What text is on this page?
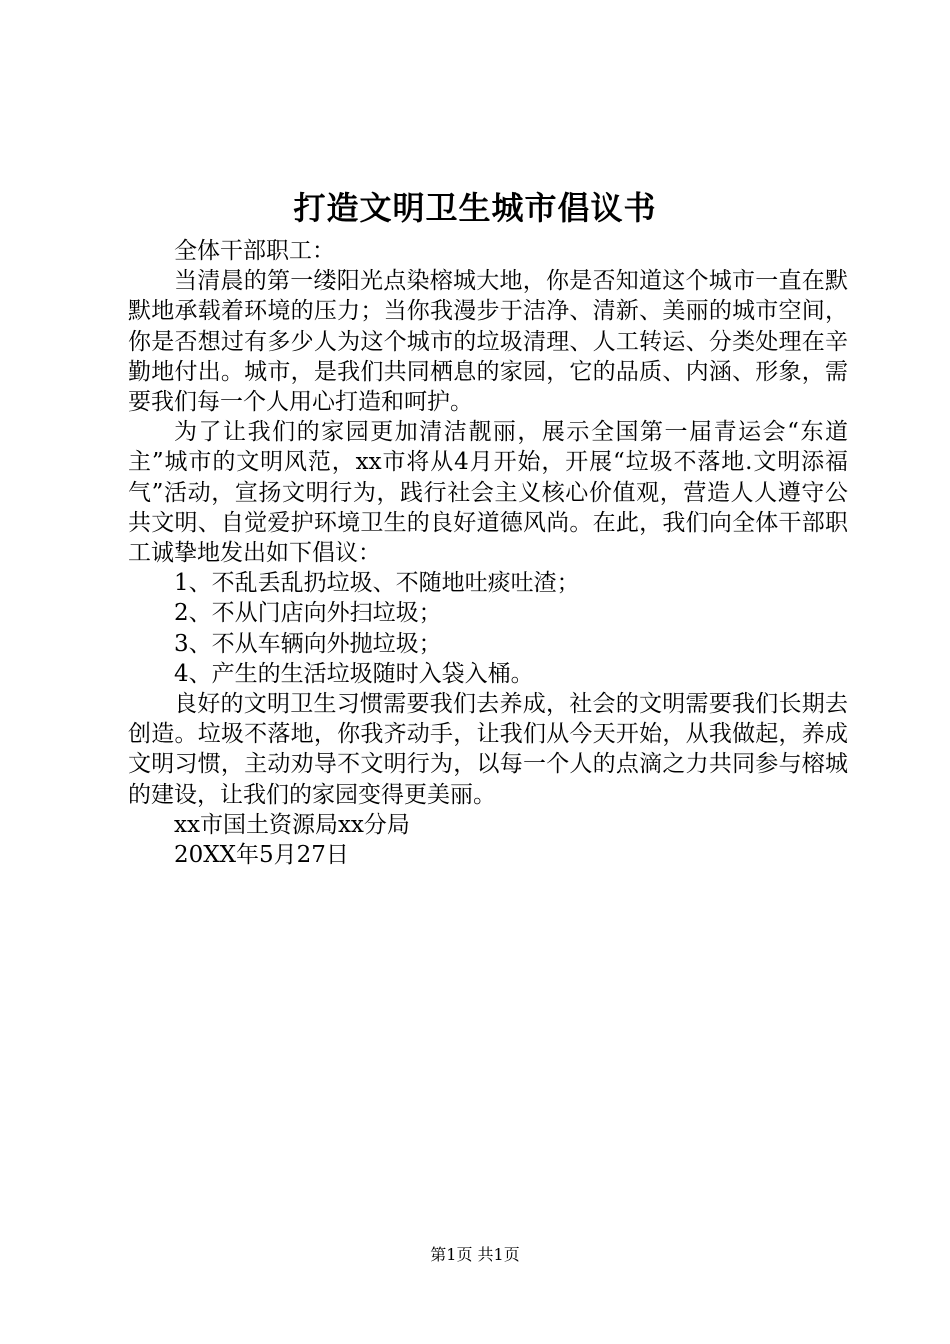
打造文明卫生城市倡议书

全体干部职工：

当清晨的第一缕阳光点染榕城大地，你是否知道这个城市一直在默默地承载着环境的压力；当你我漫步于洁净、清新、美丽的城市空间，你是否想过有多少人为这个城市的垃圾清理、人工转运、分类处理在辛勤地付出。城市，是我们共同栖息的家园，它的品质、内涵、形象，需要我们每一个人用心打造和呵护。

为了让我们的家园更加清洁靓丽，展示全国第一届青运会“东道主”城市的文明风范，xx市将从4月开始，开展“垃圾不落地.文明添福气”活动，宣扬文明行为，践行社会主义核心价值观，营造人人遵守公共文明、自觉爱护环境卫生的良好道德风尚。在此，我们向全体干部职工诚挚地发出如下倡议：

1、不乱丢乱扔垃圾、不随地吐痰吐渣；

2、不从门店向外扫垃圾；

3、不从车辆向外抛垃圾；

4、产生的生活垃圾随时入袋入桶。

良好的文明卫生习惯需要我们去养成，社会的文明需要我们长期去创造。垃圾不落地，你我齐动手，让我们从今天开始，从我做起，养成文明习惯，主动劝导不文明行为，以每一个人的点滴之力共同参与榕城的建设，让我们的家园变得更美丽。

xx市国土资源局xx分局

20XX年5月27日

第1页 共1页
